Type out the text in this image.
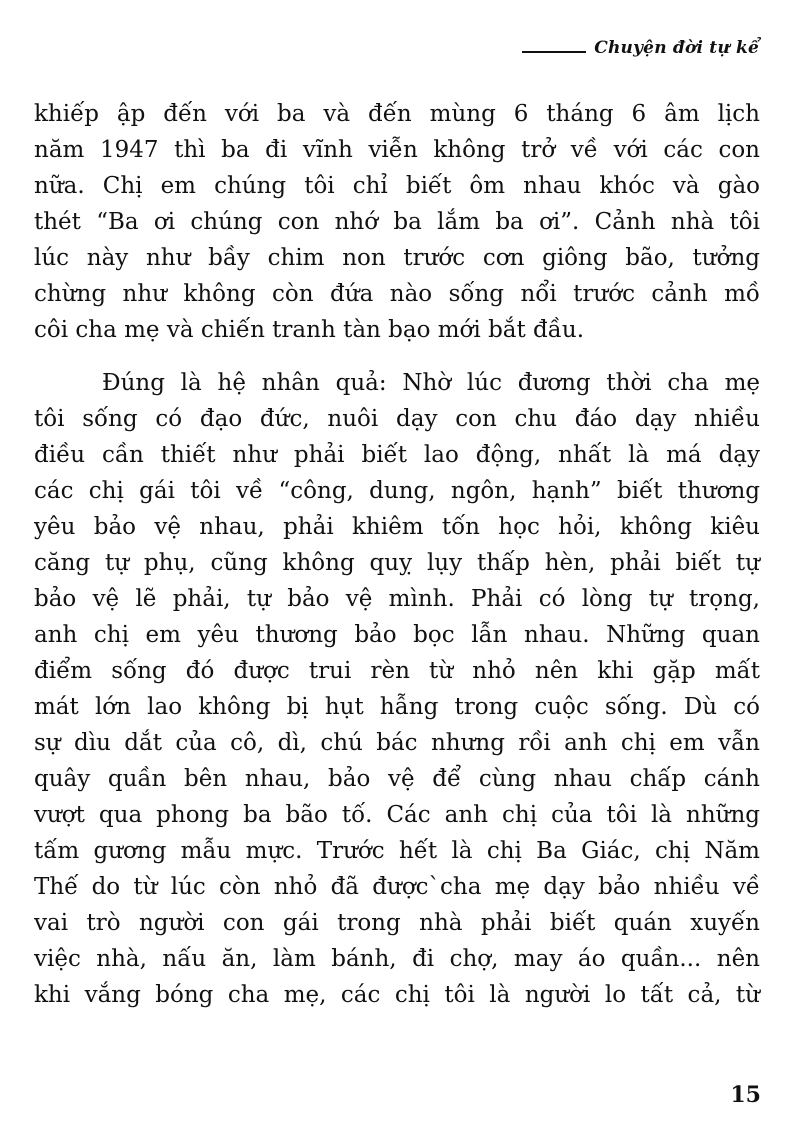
Chuyện đời tự kể
khiếp ập đến với ba và đến mùng 6 tháng 6 âm lịch
năm 1947 thì ba đi vĩnh viễn không trở về với các con
nữa. Chị em chúng tôi chỉ biết ôm nhau khóc và gào
thét “Ba ơi chúng con nhớ ba lắm ba ơi”. Cảnh nhà tôi
lúc này như bầy chim non trước cơn giông bão, tưởng
chừng như không còn đứa nào sống nổi trước cảnh mồ
côi cha mẹ và chiến tranh tàn bạo mới bắt đầu.
Đúng là hệ nhân quả: Nhờ lúc đương thời cha mẹ
tôi sống có đạo đức, nuôi dạy con chu đáo dạy nhiều
điều cần thiết như phải biết lao động, nhất là má dạy
các chị gái tôi về “công, dung, ngôn, hạnh” biết thương
yêu bảo vệ nhau, phải khiêm tốn học hỏi, không kiêu
căng tự phụ, cũng không quỵ lụy thấp hèn, phải biết tự
bảo vệ lẽ phải, tự bảo vệ mình. Phải có lòng tự trọng,
anh chị em yêu thương bảo bọc lẫn nhau. Những quan
điểm sống đó được trui rèn từ nhỏ nên khi gặp mất
mát lớn lao không bị hụt hẫng trong cuộc sống. Dù có
sự dìu dắt của cô, dì, chú bác nhưng rồi anh chị em vẫn
quây quần bên nhau, bảo vệ để cùng nhau chấp cánh
vượt qua phong ba bão tố. Các anh chị của tôi là những
tấm gương mẫu mực. Trước hết là chị Ba Giác, chị Năm
Thế do từ lúc còn nhỏ đã được`cha mẹ dạy bảo nhiều về
vai trò người con gái trong nhà phải biết quán xuyến
việc nhà, nấu ăn, làm bánh, đi chợ, may áo quần... nên
khi vắng bóng cha mẹ, các chị tôi là người lo tất cả, từ
15
